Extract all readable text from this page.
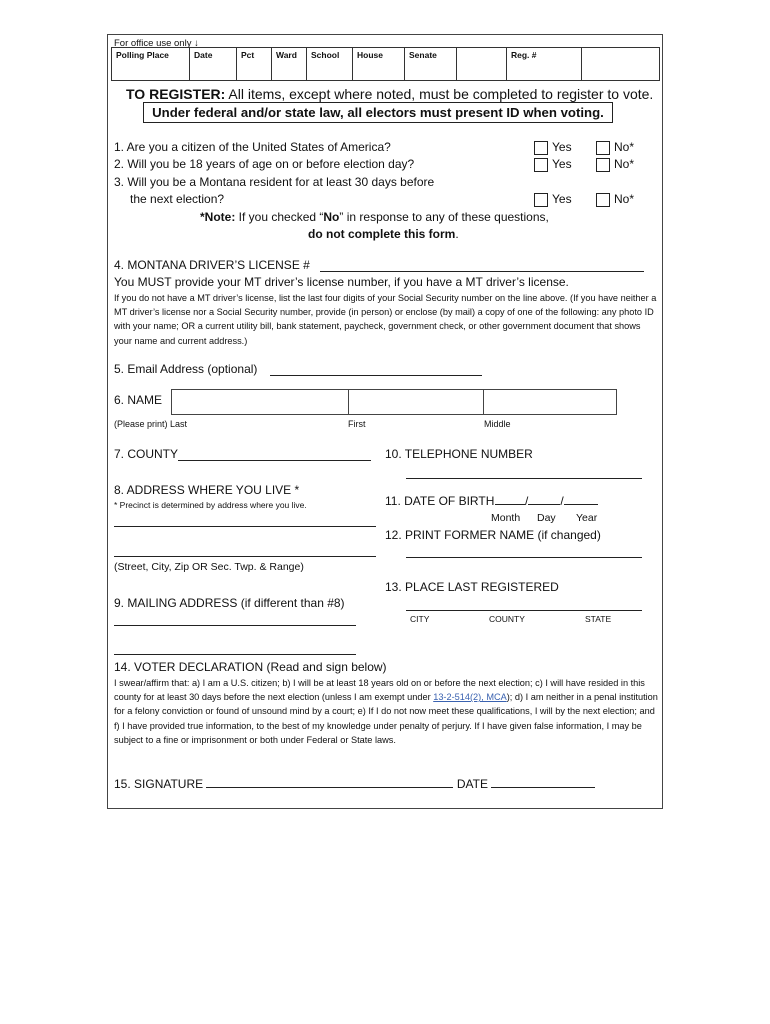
For office use only ↓
Polling Place	Date	Pct	Ward	School	House	Senate		Reg. #	
TO REGISTER: All items, except where noted, must be completed to register to vote.
Under federal and/or state law, all electors must present ID when voting.
1. Are you a citizen of the United States of America?
2. Will you be 18 years of age on or before election day?
3. Will you be a Montana resident for at least 30 days before
the next election?
Yes	No*
Yes	No*
Yes	No*
*Note: If you checked “No” in response to any of these questions,
do not complete this form.
4. MONTANA DRIVER’S LICENSE #
You MUST provide your MT driver’s license number, if you have a MT driver’s license.
If you do not have a MT driver’s license, list the last four digits of your Social Security number on the line above. (If you have neither a MT driver’s license nor a Social Security number, provide (in person) or enclose (by mail) a copy of one of the following: any photo ID with your name; OR a current utility bill, bank statement, paycheck, government check, or other government document that shows your name and current address.)
5. Email Address (optional)
6. NAME
(Please print) Last	First	Middle
7. COUNTY	10. TELEPHONE NUMBER
8. ADDRESS WHERE YOU LIVE *
* Precinct is determined by address where you live.
(Street, City, Zip OR Sec. Twp. & Range)
11. DATE OF BIRTH	/	/
Month Day Year
12. PRINT FORMER NAME (if changed)
13. PLACE LAST REGISTERED
CITY	COUNTY	STATE
9. MAILING ADDRESS (if different than #8)
14. VOTER DECLARATION (Read and sign below)
I swear/affirm that: a) I am a U.S. citizen; b) I will be at least 18 years old on or before the next election; c) I will have resided in this county for at least 30 days before the next election (unless I am exempt under 13-2-514(2), MCA); d) I am neither in a penal institution for a felony conviction or found of unsound mind by a court; e) If I do not now meet these qualifications, I will by the next election; and f) I have provided true information, to the best of my knowledge under penalty of perjury. If I have given false information, I may be subject to a fine or imprisonment or both under Federal or State laws.
15. SIGNATURE	DATE
